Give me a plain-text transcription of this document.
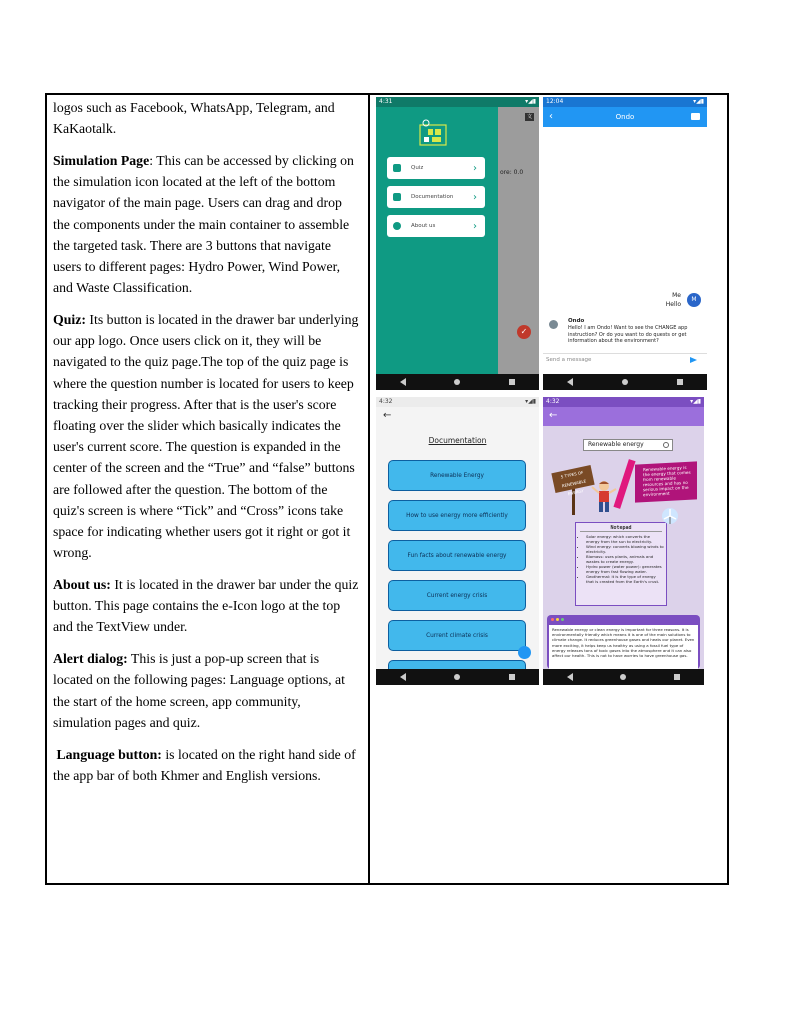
logos such as Facebook, WhatsApp, Telegram, and KaKaotalk.

Simulation Page: This can be accessed by clicking on the simulation icon located at the left of the bottom navigator of the main page. Users can drag and drop the components under the main container to assemble the targeted task. There are 3 buttons that navigate users to different pages: Hydro Power, Wind Power, and Waste Classification.

Quiz: Its button is located in the drawer bar underlying our app logo. Once users click on it, they will be navigated to the quiz page.The top of the quiz page is where the question number is located for users to keep tracking their progress. After that is the user's score floating over the slider which basically indicates the user's current score. The question is expanded in the center of the screen and the “True” and “false” buttons are followed after the question. The bottom of the quiz's screen is where “Tick” and “Cross” icons take space for indicating whether users got it right or got it wrong.

About us: It is located in the drawer bar under the quiz button. This page contains the e-Icon logo at the top and the TextView under.

Alert dialog: This is just a pop-up screen that is located on the following pages: Language options, at the start of the home screen, app community, simulation pages and quiz.

Language button: is located on the right hand side of the app bar of both Khmer and English versions.

4:31	▾◢▮
ore: 0.0
文
✓
Quiz	›
Documentation ›
About us	›
12:04	▾◢▮
‹	Ondo
Me
Hello
M
Ondo
Hello! I am Ondo! Want to see the CHANGE app instruction? Or do you want to do quests or get information about the environment?
Send a message
4:32	▾◢▮
←
Documentation
Renewable Energy
How to use energy more efficiently
Fun facts about renewable energy
Current energy crisis
Current climate crisis
4:32	▾◢▮
←
Renewable energy
5 TYPES OF RENEWABLE ENERGY
Renewable energy is the energy that comes from renewable resources and has no serious impact on the environment
Notepad
• Solar energy: which converts the energy from the sun to electricity.
• Wind energy: converts blowing winds to electricity.
• Biomass: uses plants, animals and wastes to create energy.
• Hydro power (water power): generates energy from fast flowing water.
• Geothermal: it is the type of energy that is created from the Earth's crust.
Renewable energy or clean energy is important for three reasons. It is environmentally friendly which means it is one of the main solutions to climate change. It reduces greenhouse gases and heats our planet. Even more exciting, it helps keep us healthy as using a fossil fuel type of energy releases tons of toxic gases into the atmosphere and it can also affect our health. This is not to have worries to have greenhouse gas.
